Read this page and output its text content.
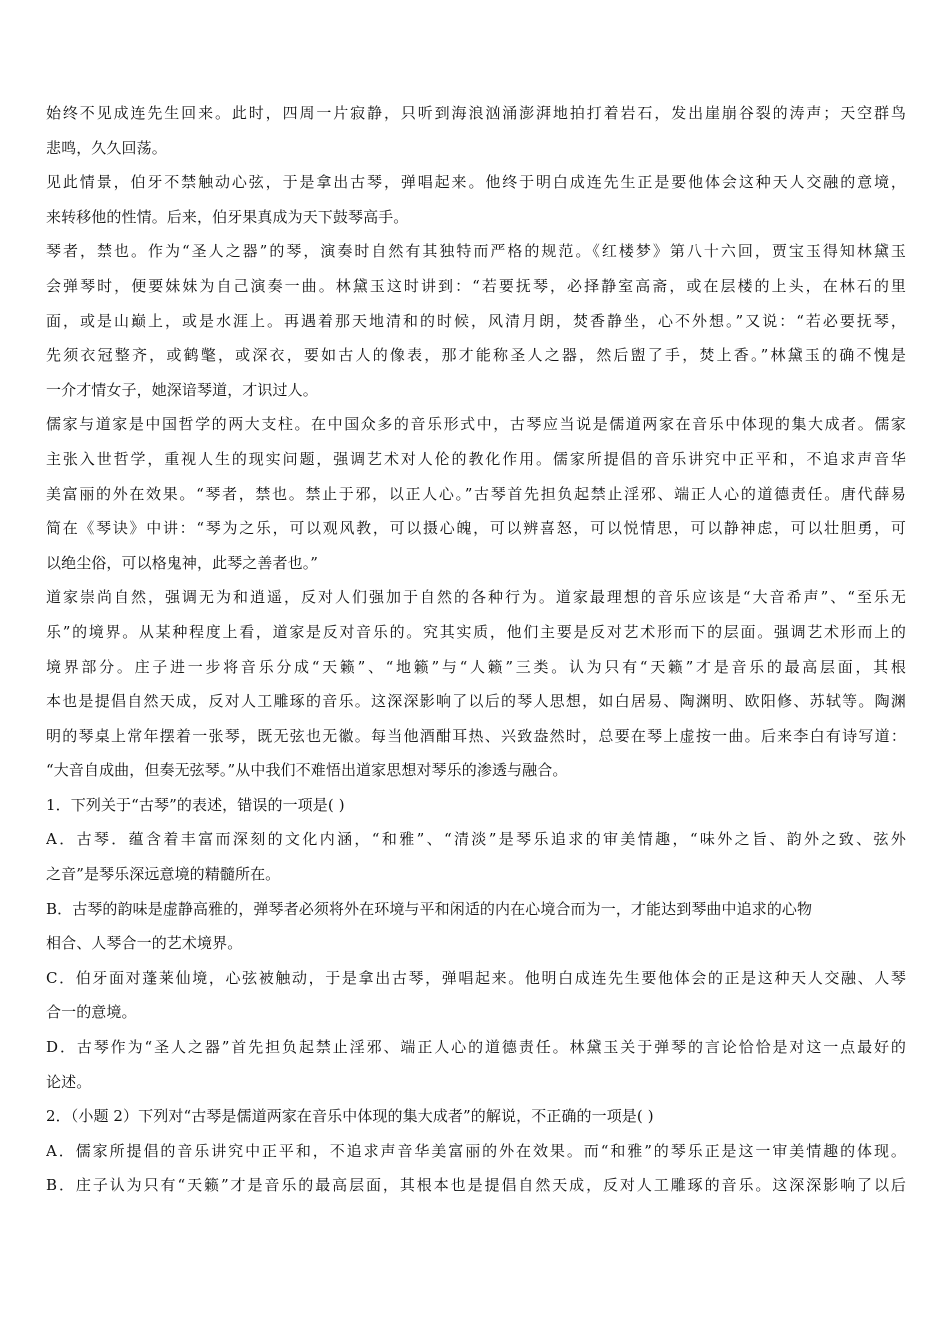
始终不见成连先生回来。此时，四周一片寂静，只听到海浪汹涌澎湃地拍打着岩石，发出崖崩谷裂的涛声；天空群鸟
悲鸣，久久回荡。
见此情景，伯牙不禁触动心弦，于是拿出古琴，弹唱起来。他终于明白成连先生正是要他体会这种天人交融的意境，
来转移他的性情。后来，伯牙果真成为天下鼓琴高手。
琴者，禁也。作为“圣人之器”的琴，演奏时自然有其独特而严格的规范。《红楼梦》第八十六回，贾宝玉得知林黛玉
会弹琴时，便要妹妹为自己演奏一曲。林黛玉这时讲到：“若要抚琴，必择静室高斋，或在层楼的上头，在林石的里
面，或是山巅上，或是水涯上。再遇着那天地清和的时候，风清月朗，焚香静坐，心不外想。”又说：“若必要抚琴，
先须衣冠整齐，或鹤氅，或深衣，要如古人的像表，那才能称圣人之器，然后盥了手，焚上香。”林黛玉的确不愧是
一介才情女子，她深谙琴道，才识过人。
儒家与道家是中国哲学的两大支柱。在中国众多的音乐形式中，古琴应当说是儒道两家在音乐中体现的集大成者。儒家
主张入世哲学，重视人生的现实问题，强调艺术对人伦的教化作用。儒家所提倡的音乐讲究中正平和，不追求声音华
美富丽的外在效果。“琴者，禁也。禁止于邪，以正人心。”古琴首先担负起禁止淫邪、端正人心的道德责任。唐代薛易
简在《琴诀》中讲：“琴为之乐，可以观风教，可以摄心魄，可以辨喜怒，可以悦情思，可以静神虑，可以壮胆勇，可
以绝尘俗，可以格鬼神，此琴之善者也。”
道家崇尚自然，强调无为和逍遥，反对人们强加于自然的各种行为。道家最理想的音乐应该是“大音希声”、“至乐无
乐”的境界。从某种程度上看，道家是反对音乐的。究其实质，他们主要是反对艺术形而下的层面。强调艺术形而上的
境界部分。庄子进一步将音乐分成“天籁”、“地籁”与“人籁”三类。认为只有“天籁”才是音乐的最高层面，其根
本也是提倡自然天成，反对人工雕琢的音乐。这深深影响了以后的琴人思想，如白居易、陶渊明、欧阳修、苏轼等。陶渊
明的琴桌上常年摆着一张琴，既无弦也无徽。每当他酒酣耳热、兴致盎然时，总要在琴上虚按一曲。后来李白有诗写道：
“大音自成曲，但奏无弦琴。”从中我们不难悟出道家思想对琴乐的渗透与融合。
1．下列关于“古琴”的表述，错误的一项是( )
A．古琴．蕴含着丰富而深刻的文化内涵，“和雅”、“清淡”是琴乐追求的审美情趣，“味外之旨、韵外之致、弦外
之音”是琴乐深远意境的精髓所在。
B．古琴的韵味是虚静高雅的，弹琴者必须将外在环境与平和闲适的内在心境合而为一，才能达到琴曲中追求的心物
相合、人琴合一的艺术境界。
C．伯牙面对蓬莱仙境，心弦被触动，于是拿出古琴，弹唱起来。他明白成连先生要他体会的正是这种天人交融、人琴
合一的意境。
D．古琴作为“圣人之器”首先担负起禁止淫邪、端正人心的道德责任。林黛玉关于弹琴的言论恰恰是对这一点最好的
论述。
2．（小题 2）下列对“古琴是儒道两家在音乐中体现的集大成者”的解说，不正确的一项是( )
A．儒家所提倡的音乐讲究中正平和，不追求声音华美富丽的外在效果。而“和雅”的琴乐正是这一审美情趣的体现。
B．庄子认为只有“天籁”才是音乐的最高层面，其根本也是提倡自然天成，反对人工雕琢的音乐。这深深影响了以后
